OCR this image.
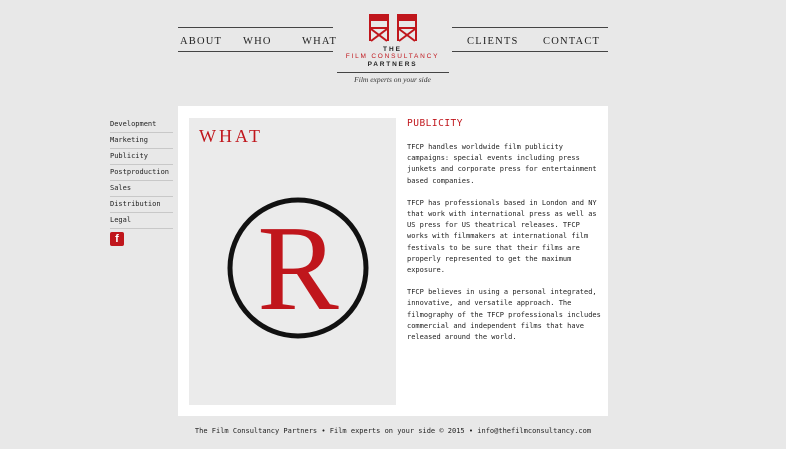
ABOUT WHO	WHAT	CLIENTS CONTACT
THE
FILM CONSULTANCY
PARTNERS
Film experts on your side
Development
Marketing
Publicity
Postproduction
Sales
Distribution
Legal
f
WHAT
R
PUBLICITY

TFCP handles worldwide film publicity campaigns: special events including press junkets and corporate press for entertainment based companies.

TFCP has professionals based in London and NY that work with international press as well as US press for US theatrical releases. TFCP works with filmmakers at international film festivals to be sure that their films are properly represented to get the maximum exposure.

TFCP believes in using a personal integrated, innovative, and versatile approach. The filmography of the TFCP professionals includes commercial and independent films that have released around the world.

The Film Consultancy Partners • Film experts on your side © 2015 • info@thefilmconsultancy.com
